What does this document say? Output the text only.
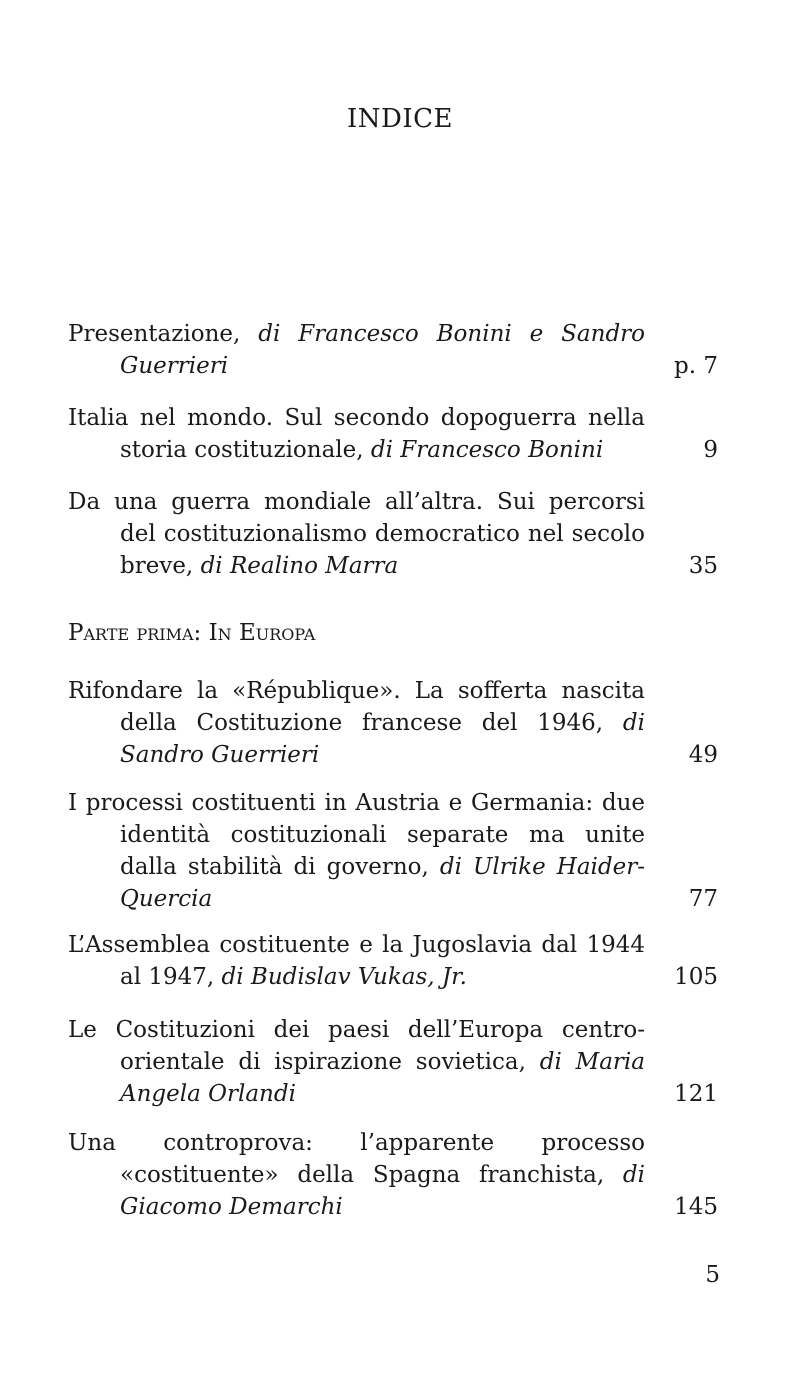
INDICE
Presentazione, di Francesco Bonini e Sandro Guerrieri	p. 7
Italia nel mondo. Sul secondo dopoguerra nella storia costituzionale, di Francesco Bonini	9
Da una guerra mondiale all’altra. Sui percorsi del costituzionalismo democratico nel secolo breve, di Realino Marra	35
Parte prima: In Europa
Rifondare la «République». La sofferta nascita della Costituzione francese del 1946, di Sandro Guerrieri	49
I processi costituenti in Austria e Germania: due identità costituzionali separate ma unite dalla stabilità di governo, di Ulrike Haider-Quercia	77
L’Assemblea costituente e la Jugoslavia dal 1944 al 1947, di Budislav Vukas, Jr.	105
Le Costituzioni dei paesi dell’Europa centro-orientale di ispirazione sovietica, di Maria Angela Orlandi	121
Una controprova: l’apparente processo «costituente» della Spagna franchista, di Giacomo Demarchi	145
5
